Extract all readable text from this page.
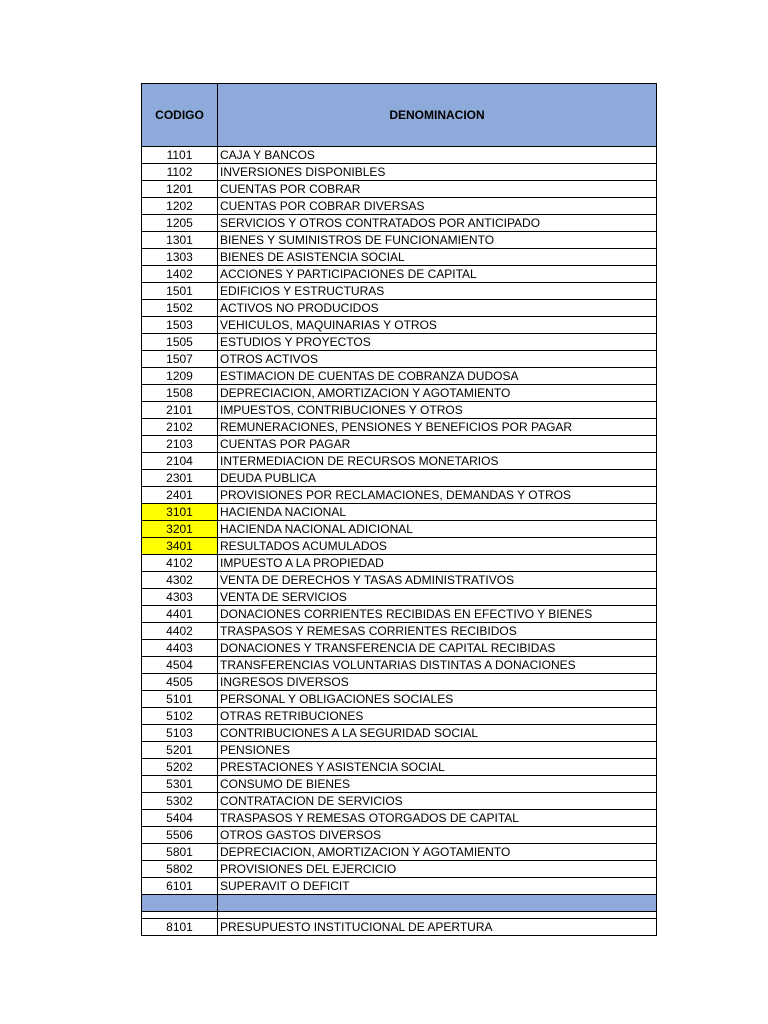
CODIGO	DENOMINACION
1101	CAJA Y BANCOS
1102	INVERSIONES DISPONIBLES
1201	CUENTAS POR COBRAR
1202	CUENTAS POR COBRAR DIVERSAS
1205	SERVICIOS Y OTROS CONTRATADOS POR ANTICIPADO
1301	BIENES Y SUMINISTROS DE FUNCIONAMIENTO
1303	BIENES DE ASISTENCIA SOCIAL
1402	ACCIONES Y PARTICIPACIONES DE CAPITAL
1501	EDIFICIOS Y ESTRUCTURAS
1502	ACTIVOS NO PRODUCIDOS
1503	VEHICULOS, MAQUINARIAS Y OTROS
1505	ESTUDIOS Y PROYECTOS
1507	OTROS ACTIVOS
1209	ESTIMACION DE CUENTAS DE COBRANZA DUDOSA
1508	DEPRECIACION, AMORTIZACION Y AGOTAMIENTO
2101	IMPUESTOS, CONTRIBUCIONES Y OTROS
2102	REMUNERACIONES, PENSIONES Y BENEFICIOS POR PAGAR
2103	CUENTAS POR PAGAR
2104	INTERMEDIACION DE RECURSOS MONETARIOS
2301	DEUDA PUBLICA
2401	PROVISIONES POR RECLAMACIONES, DEMANDAS Y OTROS
3101	HACIENDA NACIONAL
3201	HACIENDA NACIONAL ADICIONAL
3401	RESULTADOS ACUMULADOS
4102	IMPUESTO A LA PROPIEDAD
4302	VENTA DE DERECHOS Y TASAS ADMINISTRATIVOS
4303	VENTA DE SERVICIOS
4401	DONACIONES CORRIENTES RECIBIDAS EN EFECTIVO Y BIENES
4402	TRASPASOS Y REMESAS CORRIENTES RECIBIDOS
4403	DONACIONES Y TRANSFERENCIA DE CAPITAL RECIBIDAS
4504	TRANSFERENCIAS VOLUNTARIAS DISTINTAS A DONACIONES
4505	INGRESOS DIVERSOS
5101	PERSONAL Y OBLIGACIONES SOCIALES
5102	OTRAS RETRIBUCIONES
5103	CONTRIBUCIONES A LA SEGURIDAD SOCIAL
5201	PENSIONES
5202	PRESTACIONES Y ASISTENCIA SOCIAL
5301	CONSUMO DE BIENES
5302	CONTRATACION DE SERVICIOS
5404	TRASPASOS Y REMESAS OTORGADOS DE CAPITAL
5506	OTROS GASTOS DIVERSOS
5801	DEPRECIACION, AMORTIZACION Y AGOTAMIENTO
5802	PROVISIONES DEL EJERCICIO
6101	SUPERAVIT O DEFICIT

8101	PRESUPUESTO INSTITUCIONAL DE APERTURA
